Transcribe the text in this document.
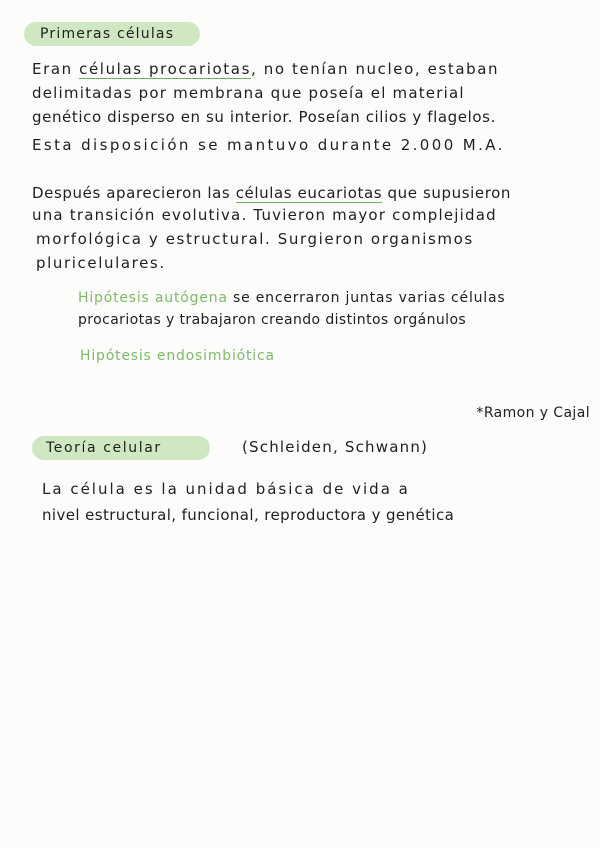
Primeras células
Eran células procariotas, no tenían nucleo, estaban
delimitadas por membrana que poseía el material
genético disperso en su interior. Poseían cilios y flagelos.
Esta disposición se mantuvo durante 2.000 M.A.
Después aparecieron las células eucariotas que supusieron
una transición evolutiva. Tuvieron mayor complejidad
morfológica y estructural. Surgieron organismos
pluricelulares.
Hipótesis autógena se encerraron juntas varias células
procariotas y trabajaron creando distintos orgánulos
Hipótesis endosimbiótica
*Ramon y Cajal
Teoría celular	(Schleiden, Schwann)
La célula es la unidad básica de vida a
nivel estructural, funcional, reproductora y genética
